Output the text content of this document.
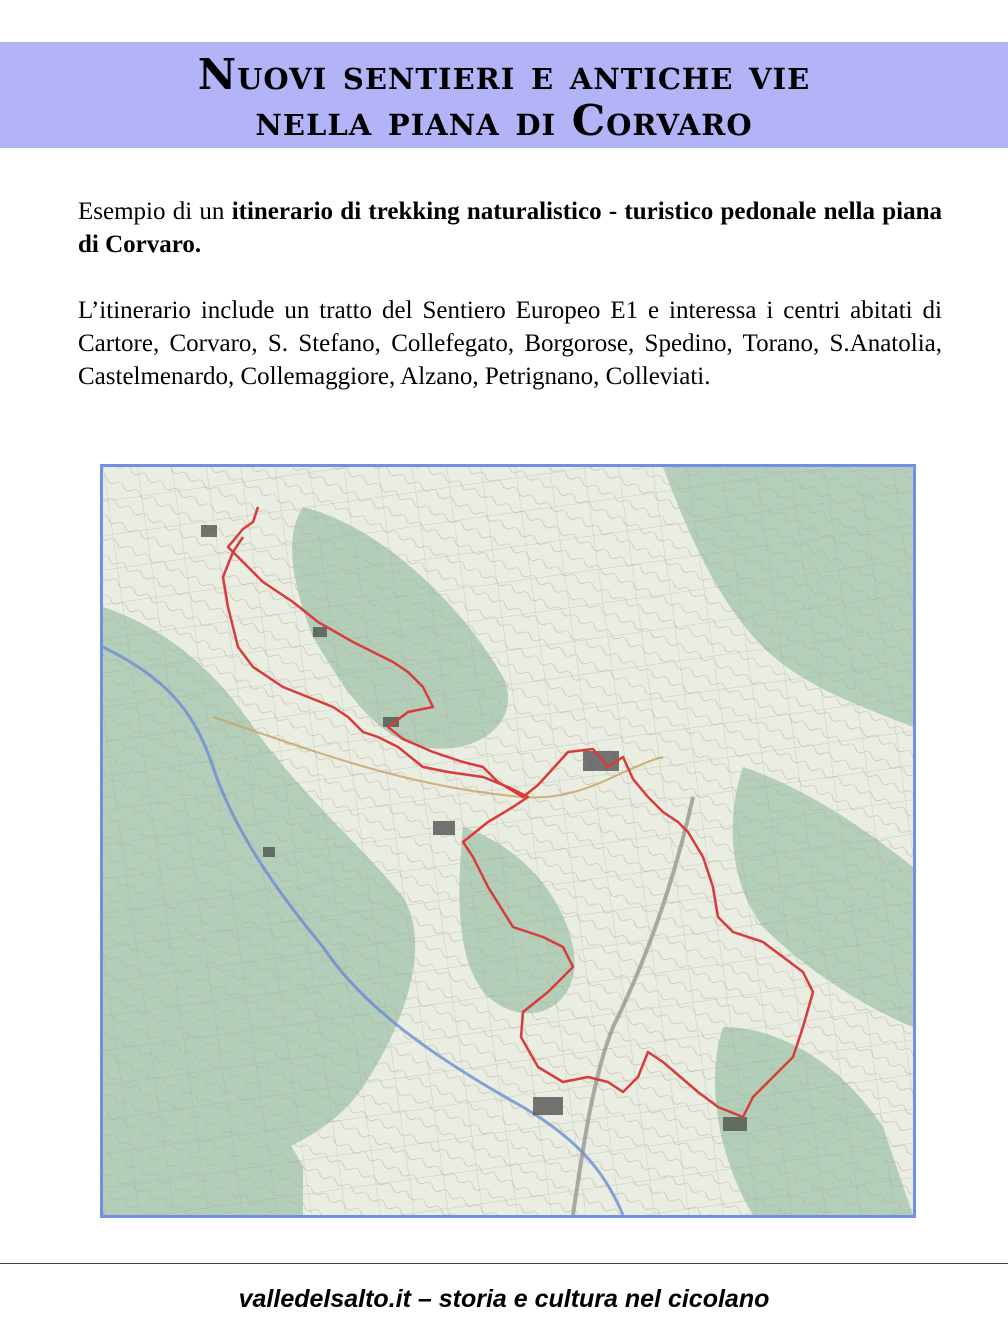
Nuovi sentieri e antiche vie
nella piana di Corvaro

Esempio di un itinerario di trekking naturalistico - turistico pedonale nella piana di Corvaro.

L’itinerario include un tratto del Sentiero Europeo E1 e interessa i centri abitati di Cartore, Corvaro, S. Stefano, Collefegato, Borgorose, Spedino, Torano, S.Anatolia, Castelmenardo, Collemaggiore, Alzano, Petrignano, Colleviati.

valledelsalto.it – storia e cultura nel cicolano
